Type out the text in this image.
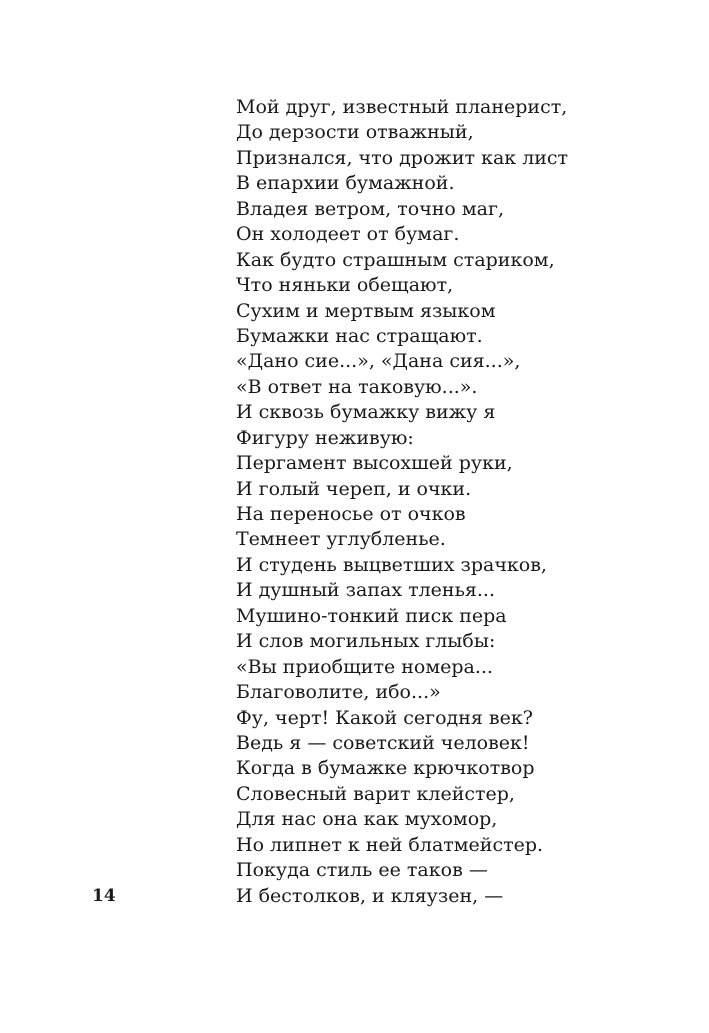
Мой друг, известный планерист,
До дерзости отважный,
Признался, что дрожит как лист
В епархии бумажной.
Владея ветром, точно маг,
Он холодеет от бумаг.
Как будто страшным стариком,
Что няньки обещают,
Сухим и мертвым языком
Бумажки нас стращают.
«Дано сие...», «Дана сия...»,
«В ответ на таковую...».
И сквозь бумажку вижу я
Фигуру неживую:
Пергамент высохшей руки,
И голый череп, и очки.
На переносье от очков
Темнеет углубленье.
И студень выцветших зрачков,
И душный запах тленья...
Мушино-тонкий писк пера
И слов могильных глыбы:
«Вы приобщите номера...
Благоволите, ибо...»
Фу, черт! Какой сегодня век?
Ведь я — советский человек!
Когда в бумажке крючкотвор
Словесный варит клейстер,
Для нас она как мухомор,
Но липнет к ней блатмейстер.
Покуда стиль ее таков —
И бестолков, и кляузен, —
14
